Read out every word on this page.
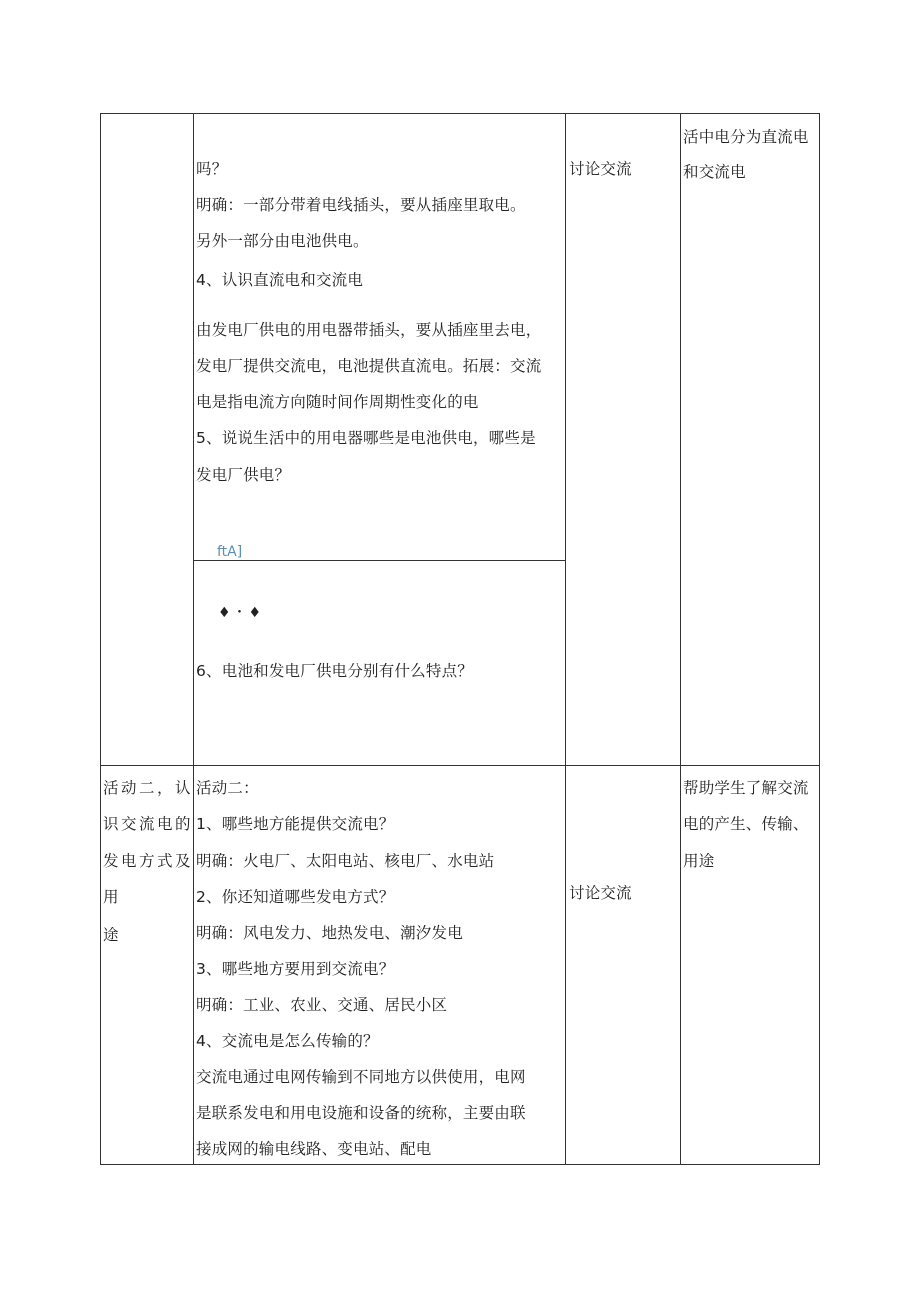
吗？
明确：一部分带着电线插头，要从插座里取电。
另外一部分由电池供电。
4、认识直流电和交流电
由发电厂供电的用电器带插头，要从插座里去电，
发电厂提供交流电，电池提供直流电。拓展：交流
电是指电流方向随时间作周期性变化的电
5、说说生活中的用电器哪些是电池供电，哪些是
发电厂供电？
ftA]
♦・♦
6、电池和发电厂供电分别有什么特点？
讨论交流
活中电分为直流电
和交流电
活动二，认
识交流电的
发电方式及
用
途
活动二：
1、哪些地方能提供交流电？
明确：火电厂、太阳电站、核电厂、水电站
2、你还知道哪些发电方式？
明确：风电发力、地热发电、潮汐发电
3、哪些地方要用到交流电？
明确：工业、农业、交通、居民小区
4、交流电是怎么传输的？
交流电通过电网传输到不同地方以供使用，电网
是联系发电和用电设施和设备的统称，主要由联
接成网的输电线路、变电站、配电
讨论交流
帮助学生了解交流
电的产生、传输、
用途
